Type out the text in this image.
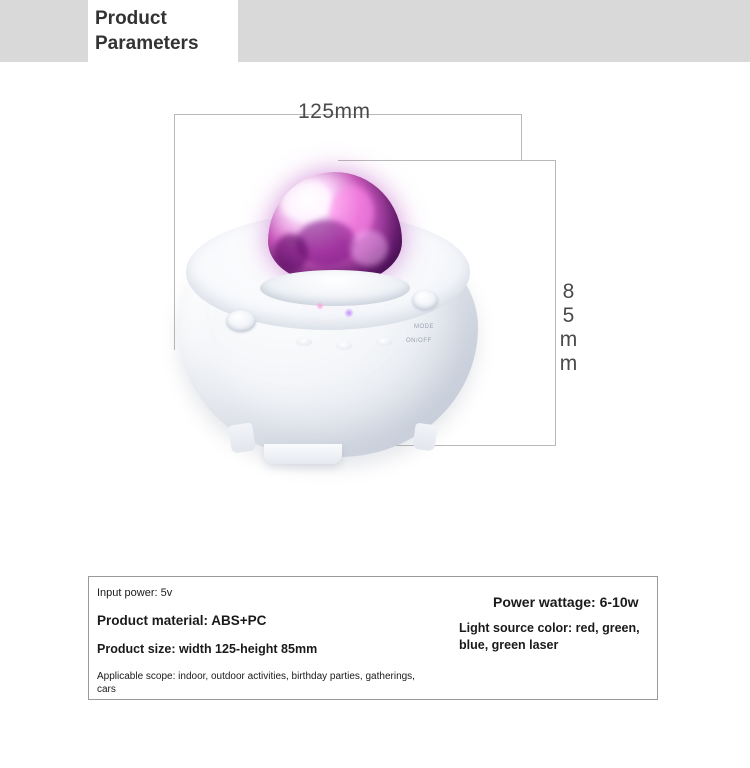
Product
Parameters
125mm
85mm
MODE
ON/OFF
Input power: 5v
Product material: ABS+PC
Product size: width 125-height 85mm
Applicable scope: indoor, outdoor activities, birthday parties, gatherings, cars
Power wattage: 6-10w
Light source color: red, green, blue, green laser
